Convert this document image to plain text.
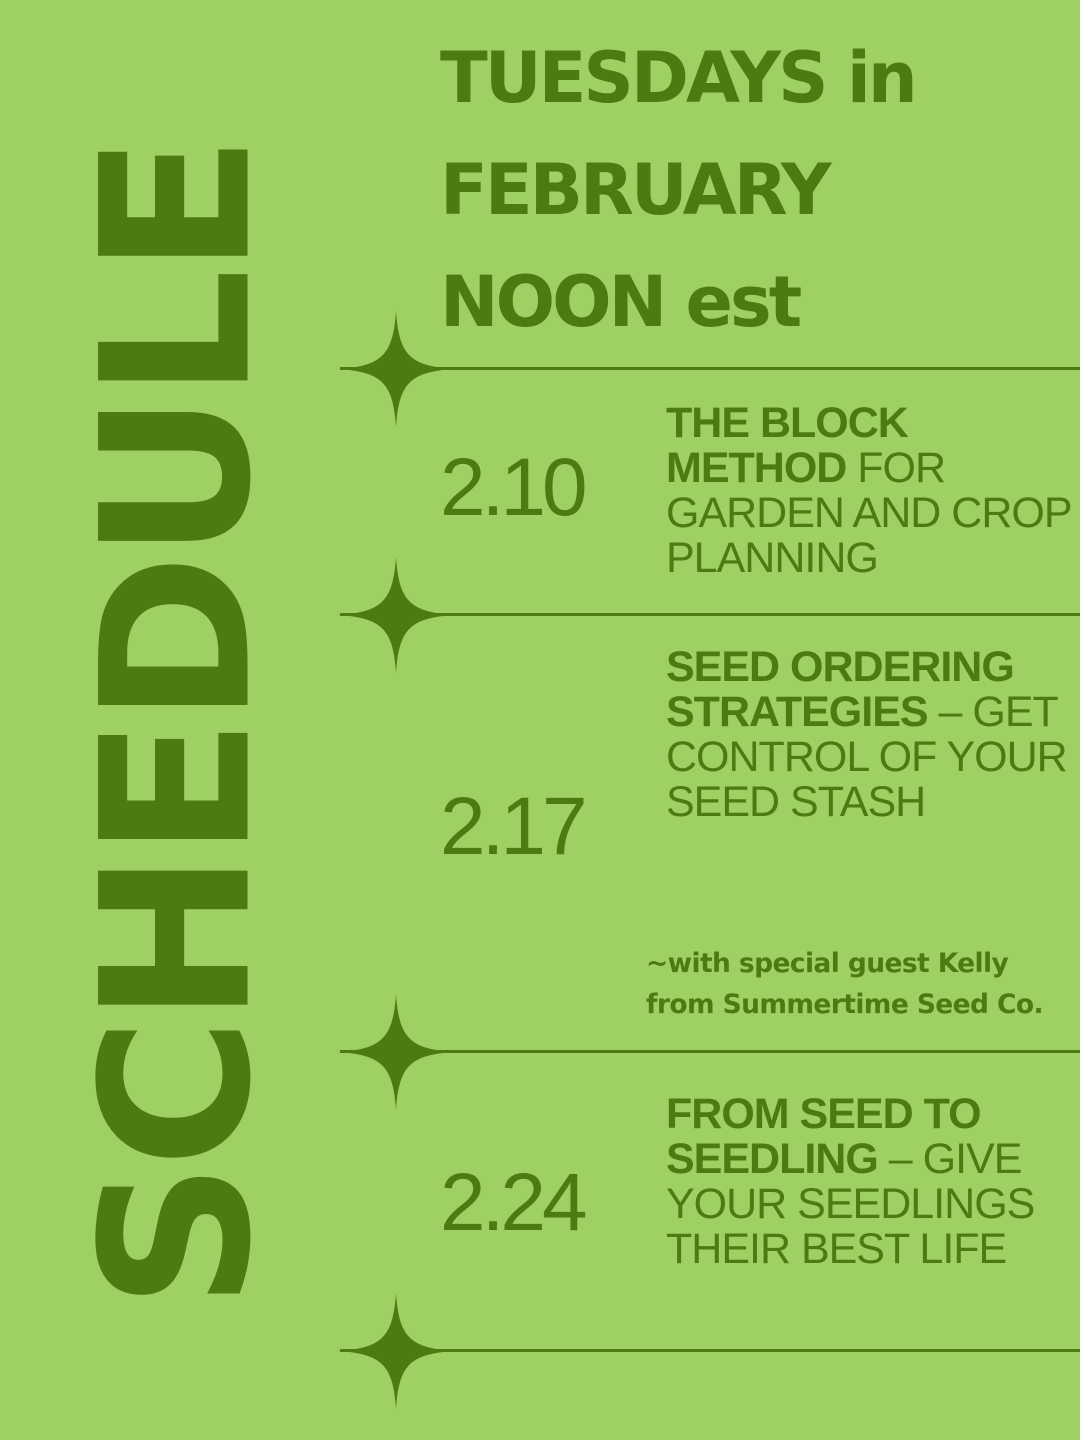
SCHEDULE
TUESDAYS in
FEBRUARY
NOON est
2.10
THE BLOCK METHOD FOR GARDEN AND CROP PLANNING
2.17
SEED ORDERING STRATEGIES – GET CONTROL OF YOUR SEED STASH
~with special guest Kelly
from Summertime Seed Co.
2.24
FROM SEED TO SEEDLING – GIVE YOUR SEEDLINGS THEIR BEST LIFE
